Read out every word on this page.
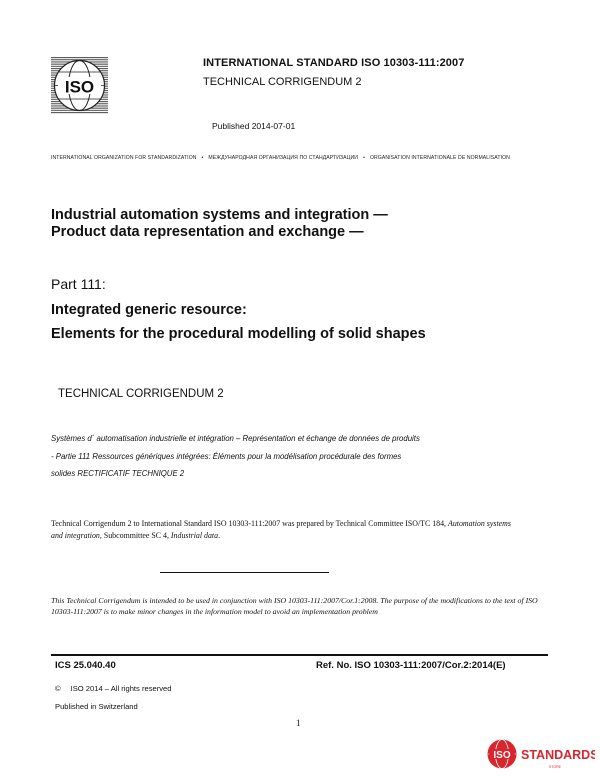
ISO
INTERNATIONAL STANDARD ISO 10303-111:2007
TECHNICAL CORRIGENDUM 2
Published 2014-07-01
INTERNATIONAL ORGANIZATION FOR STANDARDIZATION • МЕЖДУНАРОДНАЯ ОРГАНИЗАЦИЯ ПО СТАНДАРТИЗАЦИИ • ORGANISATION INTERNATIONALE DE NORMALISATION
Industrial automation systems and integration —
Product data representation and exchange —
Part 111:
Integrated generic resource:
Elements for the procedural modelling of solid shapes
TECHNICAL CORRIGENDUM 2
Systèmes d´ automatisation industrielle et intégration – Représentation et échange de données de produits
- Partie 111 Ressources génériques intégrées: Éléments pour la modélisation procédurale des formes
solides RECTIFICATIF TECHNIQUE 2
Technical Corrigendum 2 to International Standard ISO 10303-111:2007 was prepared by Technical Committee ISO/TC 184, Automation systems and integration, Subcommittee SC 4, Industrial data.
This Technical Corrigendum is intended to be used in conjunction with ISO 10303-111:2007/Cor.1:2008. The purpose of the modifications to the text of ISO 10303-111:2007 is to make minor changes in the information model to avoid an implementation problem
ICS 25.040.40	Ref. No. ISO 10303-111:2007/Cor.2:2014(E)
© ISO 2014 – All rights reserved
Published in Switzerland
1
ISO STANDARDS
STORE
